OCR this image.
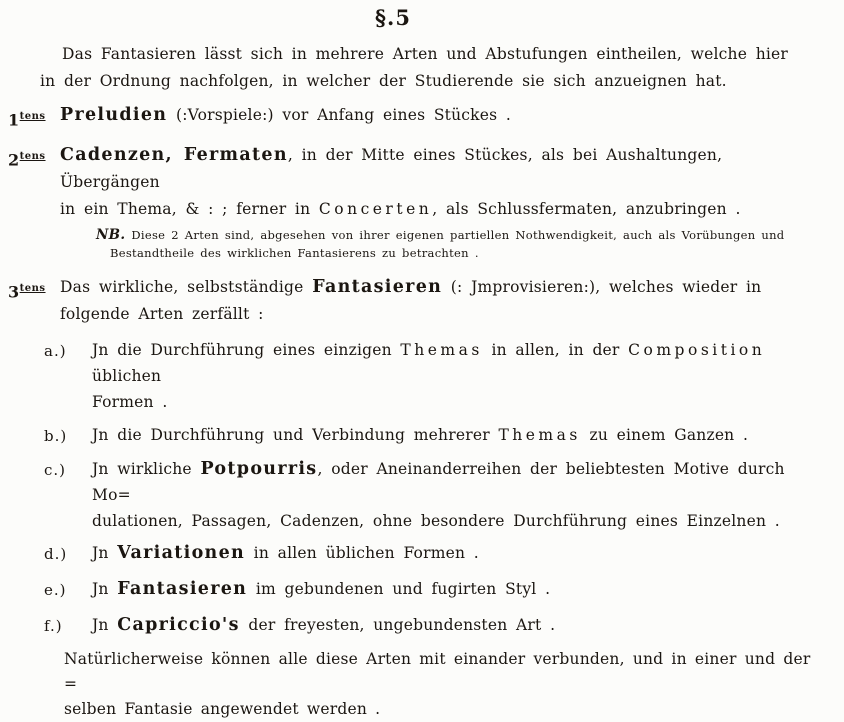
§.5

Das Fantasieren lässt sich in mehrere Arten und Abstufungen eintheilen, welche hier
in der Ordnung nachfolgen, in welcher der Studierende sie sich anzueignen hat.

$1^{tens}$ Preludien (:Vorspiele:) vor Anfang eines Stückes .
$2^{tens}$ Cadenzen, Fermaten, in der Mitte eines Stückes, als bei Aushaltungen, Übergängen
in ein Thema, & : ; ferner in Concerten, als Schlussfermaten, anzubringen .
NB. Diese 2 Arten sind, abgesehen von ihrer eigenen partiellen Nothwendigkeit, auch als Vorübungen und
Bestandtheile des wirklichen Fantasierens zu betrachten .
$3^{tens}$ Das wirkliche, selbstständige Fantasieren (: Jmprovisieren:), welches wieder in
folgende Arten zerfällt :
a.)	Jn die Durchführung eines einzigen Themas in allen, in der Composition üblichen
Formen .
b.)	Jn die Durchführung und Verbindung mehrerer Themas zu einem Ganzen .
c.)	Jn wirkliche Potpourris, oder Aneinanderreihen der beliebtesten Motive durch Mo=
dulationen, Passagen, Cadenzen, ohne besondere Durchführung eines Einzelnen .
d.)	Jn Variationen in allen üblichen Formen .
e.)	Jn Fantasieren im gebundenen und fugirten Styl .
f.)	Jn Capriccio's der freyesten, ungebundensten Art .

Natürlicherweise können alle diese Arten mit einander verbunden, und in einer und der =
selben Fantasie angewendet werden .
